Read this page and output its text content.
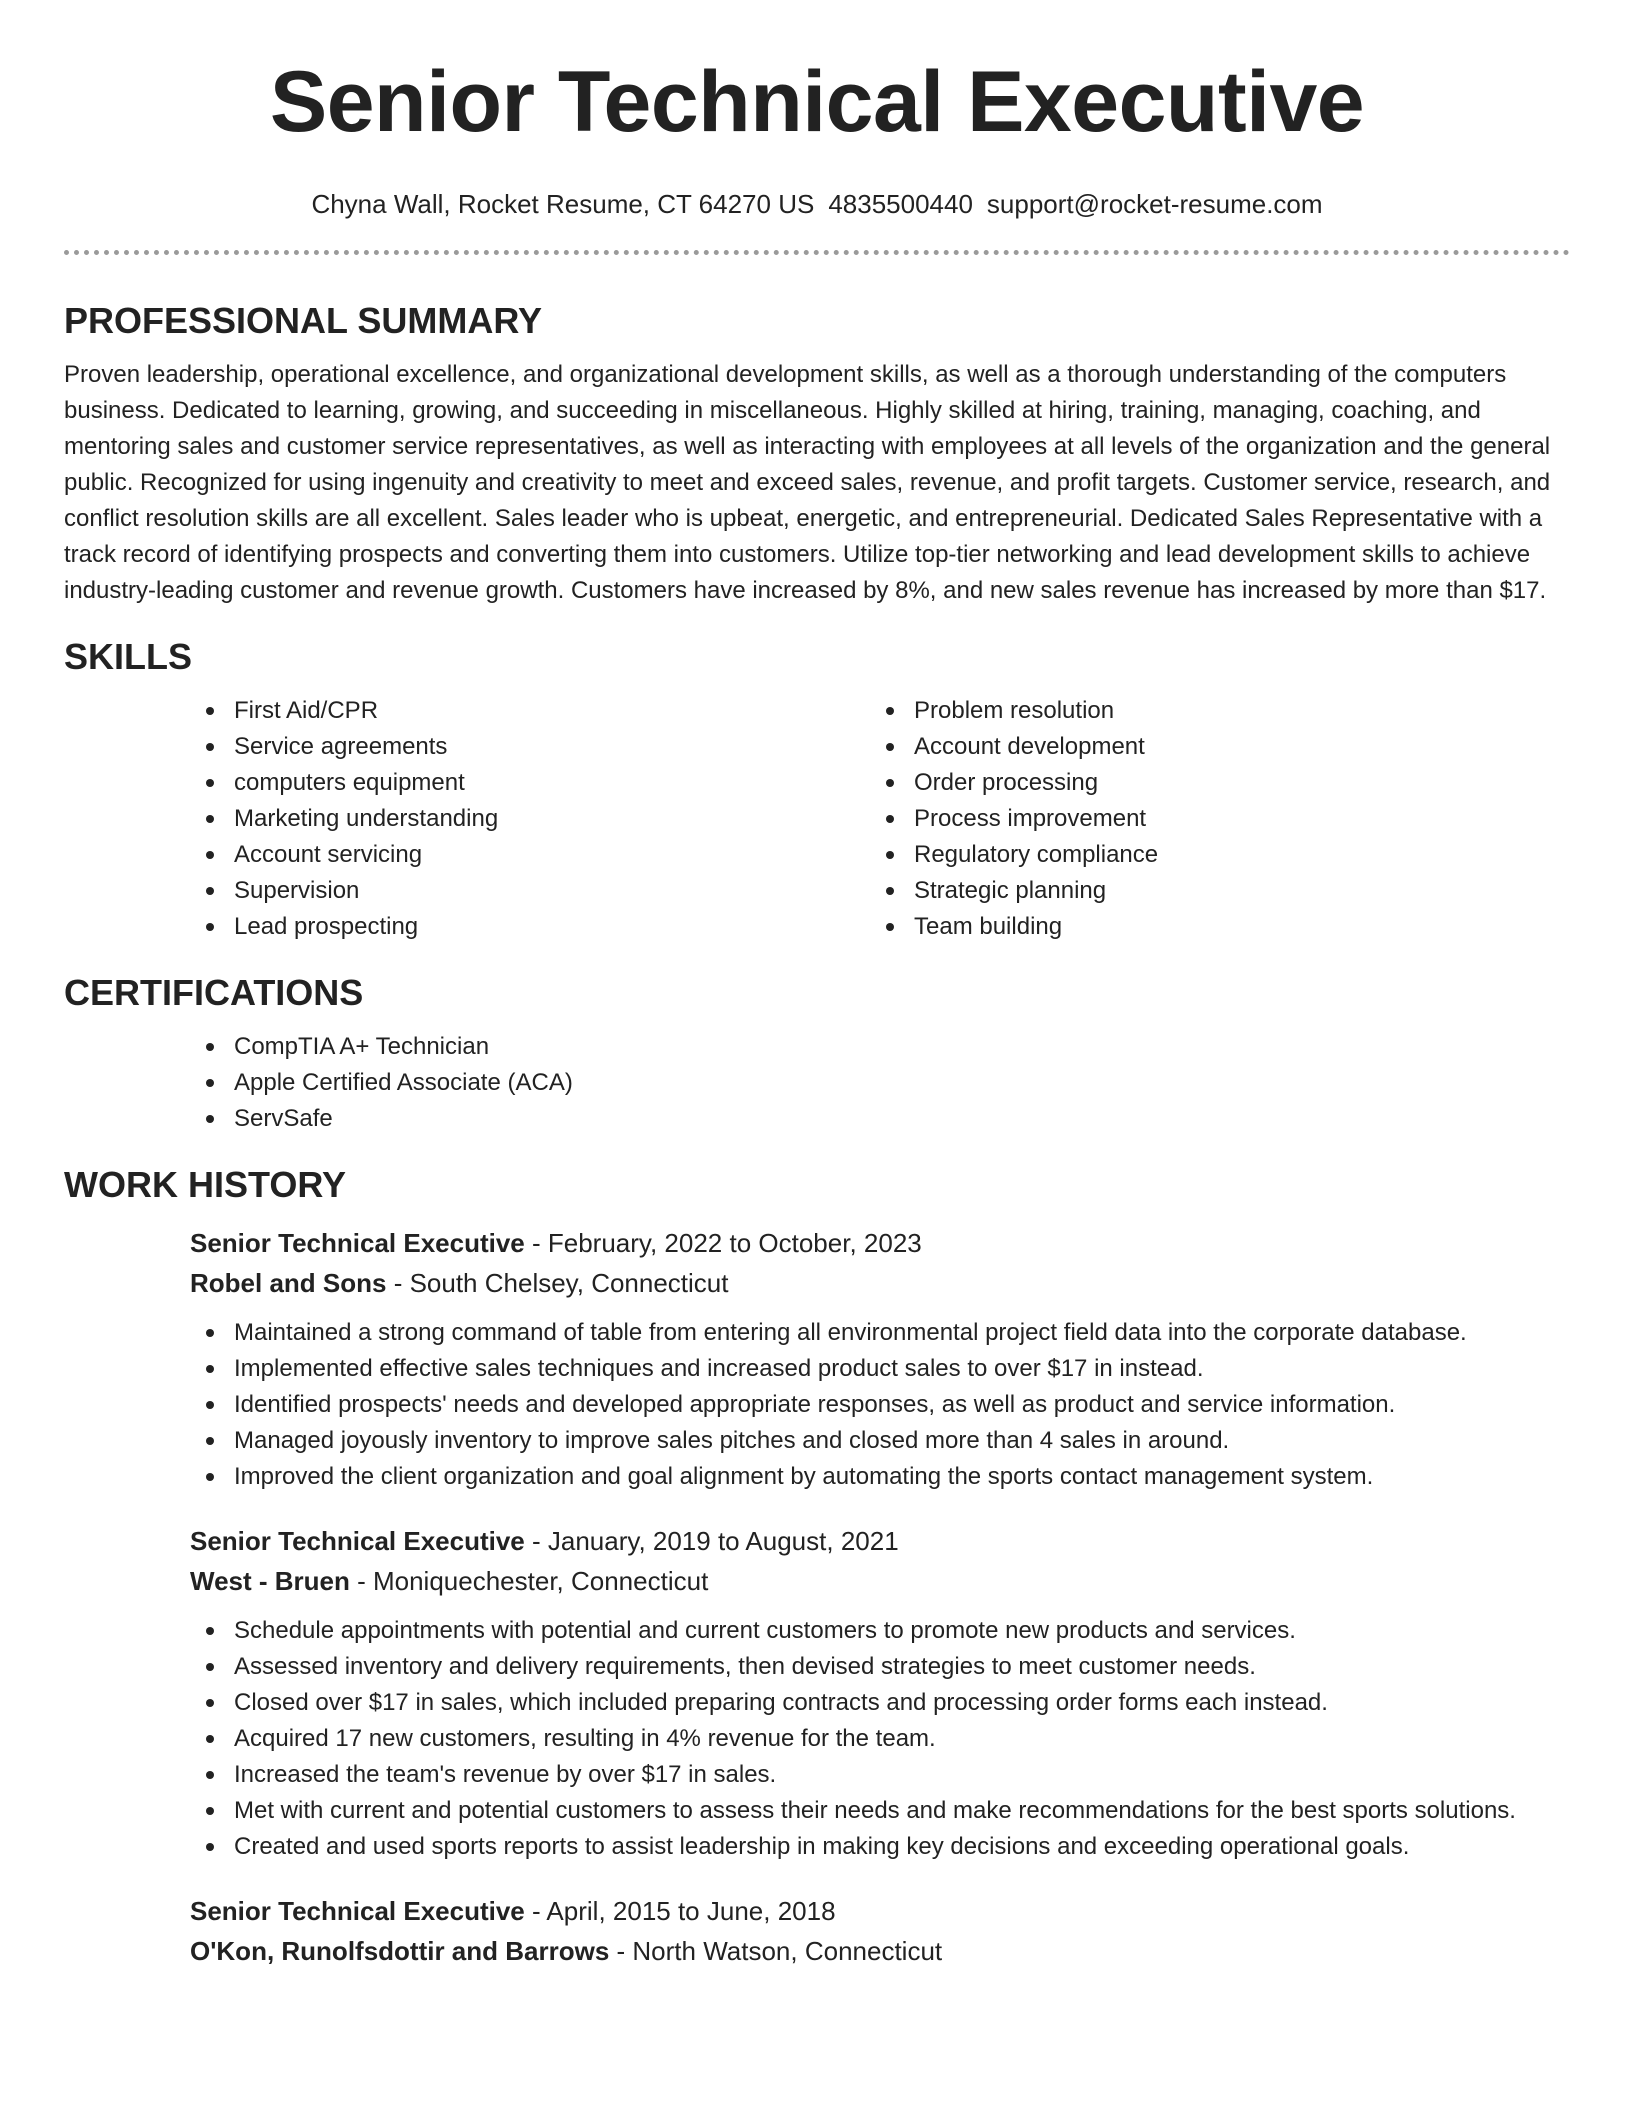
Senior Technical Executive
Chyna Wall, Rocket Resume, CT 64270 US 4835500440 support@rocket-resume.com
PROFESSIONAL SUMMARY

Proven leadership, operational excellence, and organizational development skills, as well as a thorough understanding of the computers business. Dedicated to learning, growing, and succeeding in miscellaneous. Highly skilled at hiring, training, managing, coaching, and mentoring sales and customer service representatives, as well as interacting with employees at all levels of the organization and the general public. Recognized for using ingenuity and creativity to meet and exceed sales, revenue, and profit targets. Customer service, research, and conflict resolution skills are all excellent. Sales leader who is upbeat, energetic, and entrepreneurial. Dedicated Sales Representative with a track record of identifying prospects and converting them into customers. Utilize top-tier networking and lead development skills to achieve industry-leading customer and revenue growth. Customers have increased by 8%, and new sales revenue has increased by more than $17.

SKILLS
First Aid/CPR
Service agreements
computers equipment
Marketing understanding
Account servicing
Supervision
Lead prospecting
Problem resolution
Account development
Order processing
Process improvement
Regulatory compliance
Strategic planning
Team building
CERTIFICATIONS
CompTIA A+ Technician
Apple Certified Associate (ACA)
ServSafe
WORK HISTORY
Senior Technical Executive - February, 2022 to October, 2023
Robel and Sons - South Chelsey, Connecticut
Maintained a strong command of table from entering all environmental project field data into the corporate database.
Implemented effective sales techniques and increased product sales to over $17 in instead.
Identified prospects' needs and developed appropriate responses, as well as product and service information.
Managed joyously inventory to improve sales pitches and closed more than 4 sales in around.
Improved the client organization and goal alignment by automating the sports contact management system.
Senior Technical Executive - January, 2019 to August, 2021
West - Bruen - Moniquechester, Connecticut
Schedule appointments with potential and current customers to promote new products and services.
Assessed inventory and delivery requirements, then devised strategies to meet customer needs.
Closed over $17 in sales, which included preparing contracts and processing order forms each instead.
Acquired 17 new customers, resulting in 4% revenue for the team.
Increased the team's revenue by over $17 in sales.
Met with current and potential customers to assess their needs and make recommendations for the best sports solutions.
Created and used sports reports to assist leadership in making key decisions and exceeding operational goals.
Senior Technical Executive - April, 2015 to June, 2018
O'Kon, Runolfsdottir and Barrows - North Watson, Connecticut
